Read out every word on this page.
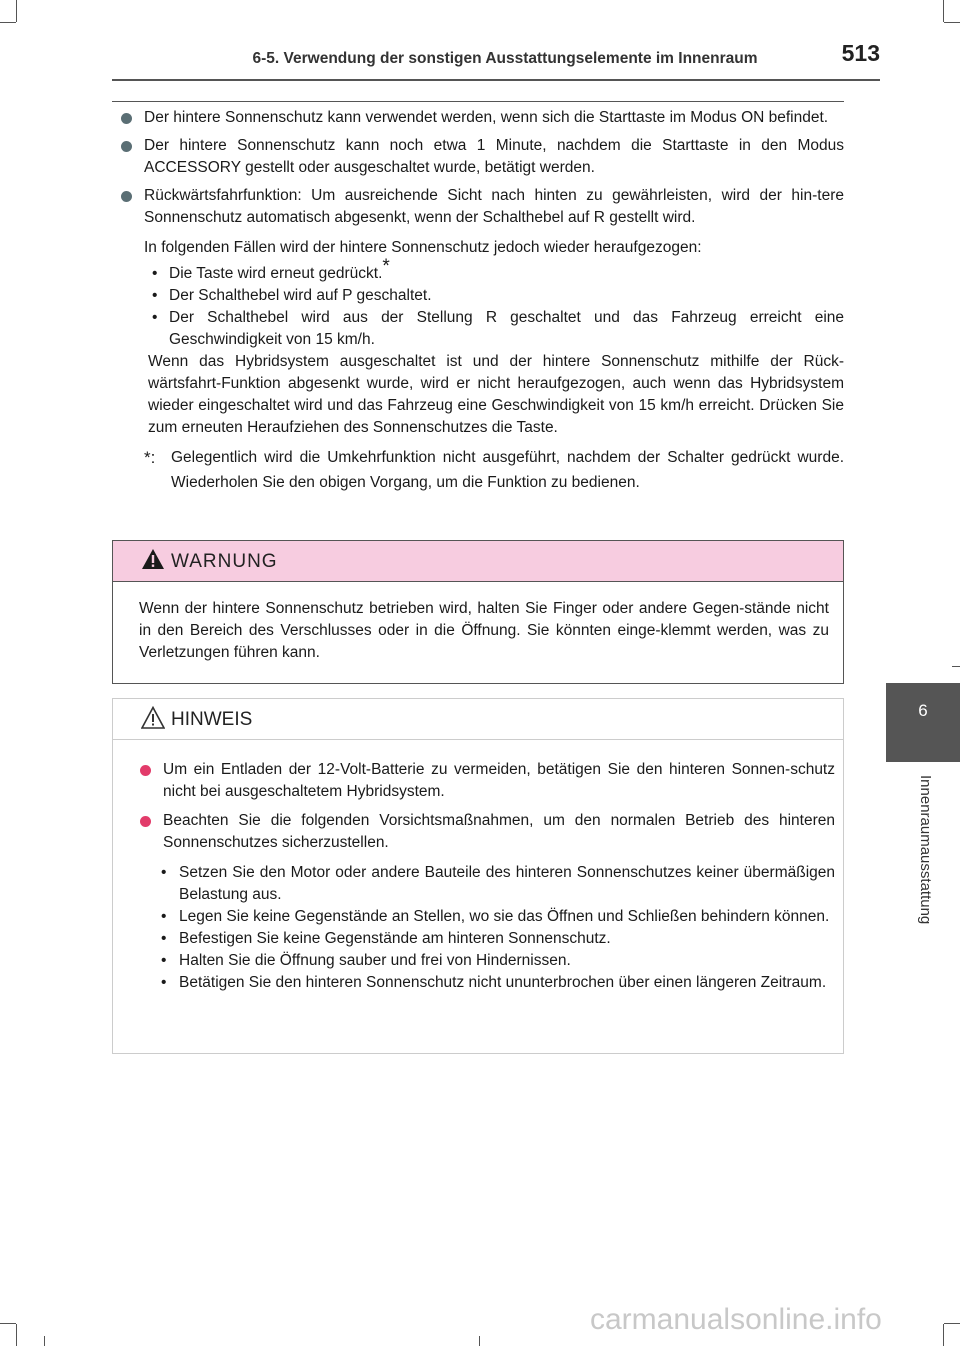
6-5. Verwendung der sonstigen Ausstattungselemente im Innenraum	513
6
Innenraumausstattung
Der hintere Sonnenschutz kann verwendet werden, wenn sich die Starttaste im Modus ON befindet.
Der hintere Sonnenschutz kann noch etwa 1 Minute, nachdem die Starttaste in den Modus ACCESSORY gestellt oder ausgeschaltet wurde, betätigt werden.
Rückwärtsfahrfunktion: Um ausreichende Sicht nach hinten zu gewährleisten, wird der hin-tere Sonnenschutz automatisch abgesenkt, wenn der Schalthebel auf R gestellt wird.
In folgenden Fällen wird der hintere Sonnenschutz jedoch wieder heraufgezogen:
• Die Taste wird erneut gedrückt.*
• Der Schalthebel wird auf P geschaltet.
• Der Schalthebel wird aus der Stellung R geschaltet und das Fahrzeug erreicht eine Geschwindigkeit von 15 km/h.
Wenn das Hybridsystem ausgeschaltet ist und der hintere Sonnenschutz mithilfe der Rück-wärtsfahrt-Funktion abgesenkt wurde, wird er nicht heraufgezogen, auch wenn das Hybridsystem wieder eingeschaltet wird und das Fahrzeug eine Geschwindigkeit von 15 km/h erreicht. Drücken Sie zum erneuten Heraufziehen des Sonnenschutzes die Taste.
*: Gelegentlich wird die Umkehrfunktion nicht ausgeführt, nachdem der Schalter gedrückt wurde. Wiederholen Sie den obigen Vorgang, um die Funktion zu bedienen.
WARNUNG
Wenn der hintere Sonnenschutz betrieben wird, halten Sie Finger oder andere Gegen-stände nicht in den Bereich des Verschlusses oder in die Öffnung. Sie könnten einge-klemmt werden, was zu Verletzungen führen kann.
HINWEIS
Um ein Entladen der 12-Volt-Batterie zu vermeiden, betätigen Sie den hinteren Sonnen-schutz nicht bei ausgeschaltetem Hybridsystem.
Beachten Sie die folgenden Vorsichtsmaßnahmen, um den normalen Betrieb des hinteren Sonnenschutzes sicherzustellen.
• Setzen Sie den Motor oder andere Bauteile des hinteren Sonnenschutzes keiner übermäßigen Belastung aus.
• Legen Sie keine Gegenstände an Stellen, wo sie das Öffnen und Schließen behindern können.
• Befestigen Sie keine Gegenstände am hinteren Sonnenschutz.
• Halten Sie die Öffnung sauber und frei von Hindernissen.
• Betätigen Sie den hinteren Sonnenschutz nicht ununterbrochen über einen längeren Zeitraum.
carmanualsonline.info
